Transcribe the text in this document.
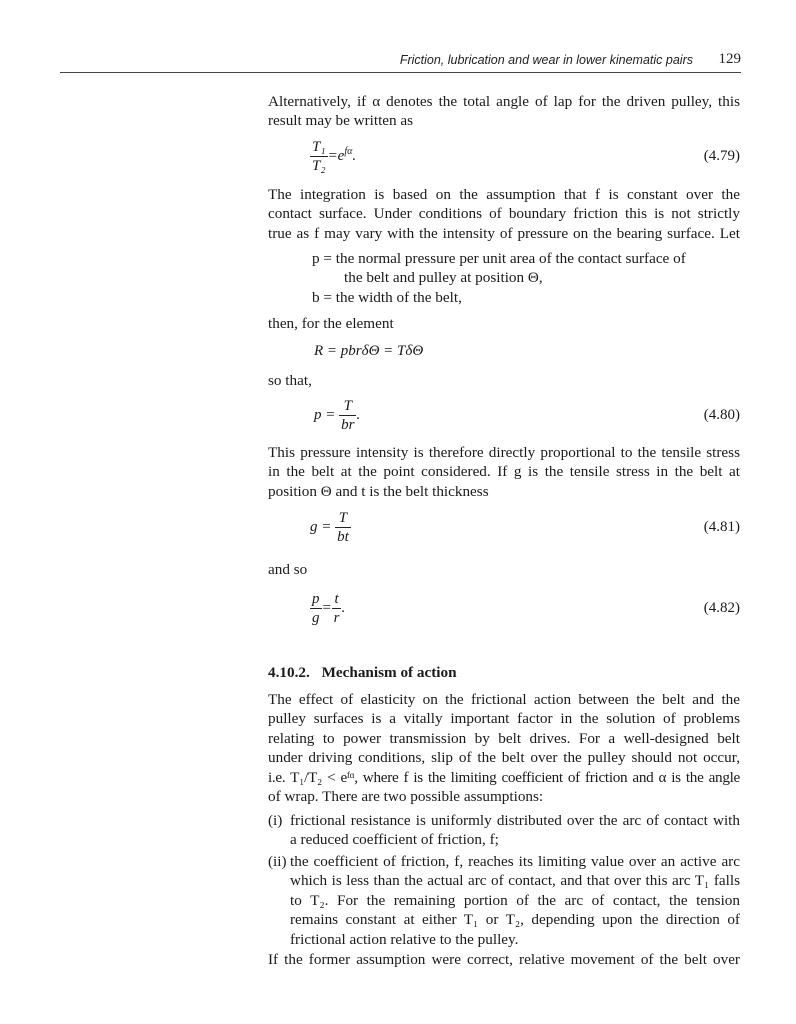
Friction, lubrication and wear in lower kinematic pairs 129
Alternatively, if α denotes the total angle of lap for the driven pulley, this
result may be written as
$\frac{\text{T₁}}{\text{T₂}} =e^{f\alpha}$.	(4.79)
The integration is based on the assumption that f is constant over the
contact surface. Under conditions of boundary friction this is not strictly
true as f may vary with the intensity of pressure on the bearing surface. Let
p = the normal pressure per unit area of the contact surface of
the belt and pulley at position Θ,
b = the width of the belt,
then, for the element
R = pbrδΘ = TδΘ
so that,
$p = \frac{T}{br}$ .	(4.80)
This pressure intensity is therefore directly proportional to the tensile stress
in the belt at the point considered. If g is the tensile stress in the belt at
position Θ and t is the belt thickness
$g = \frac{T}{bt}$	(4.81)
and so
$\frac{p}{g} = \frac{t}{r}$ .	(4.82)
4.10.2. Mechanism of action
The effect of elasticity on the frictional action between the belt and the
pulley surfaces is a vitally important factor in the solution of problems
relating to power transmission by belt drives. For a well-designed belt
under driving conditions, slip of the belt over the pulley should not occur,
i.e. T₁/T₂ < eᶠᵅ, where f is the limiting coefficient of friction and α is the angle
of wrap. There are two possible assumptions:
(i) frictional resistance is uniformly distributed over the arc of contact with
a reduced coefficient of friction, f;
(ii) the coefficient of friction, f, reaches its limiting value over an active arc
which is less than the actual arc of contact, and that over this arc T₁ falls
to T₂. For the remaining portion of the arc of contact, the tension
remains constant at either T₁ or T₂, depending upon the direction of
frictional action relative to the pulley.
If the former assumption were correct, relative movement of the belt over
